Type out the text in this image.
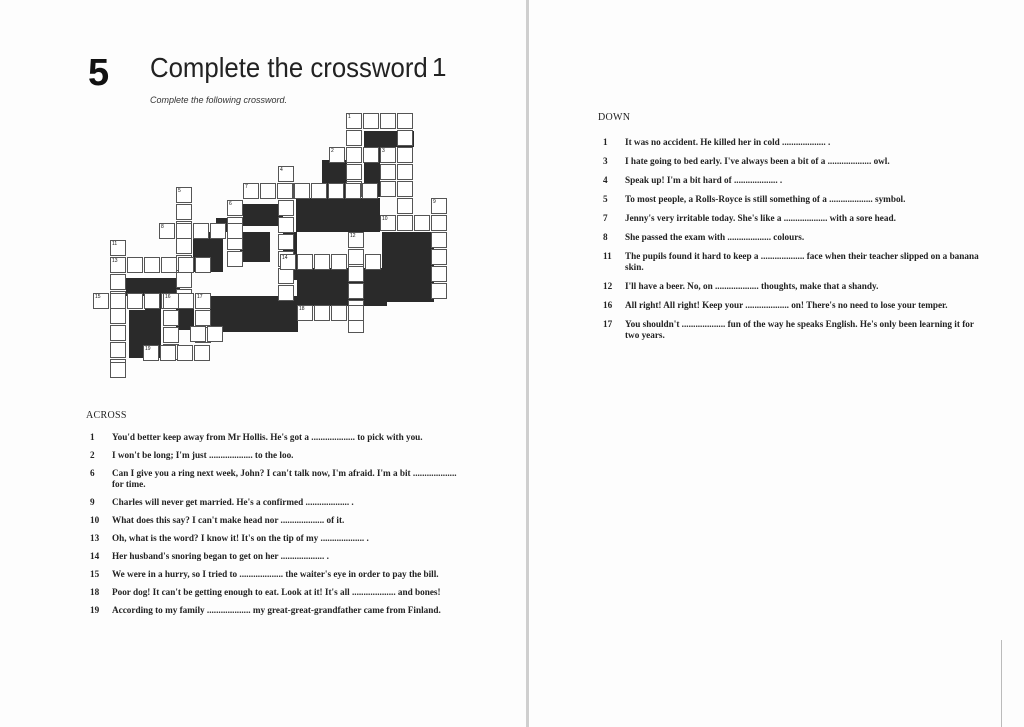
5 Complete the crossword 1
Complete the following crossword.
1
2	3
4
5
6
7
8
9
10
11
12
13	14
15	16	17
18
19
ACROSS
1	You'd better keep away from Mr Hollis. He's got a ................... to pick with you.
2	I won't be long; I'm just ................... to the loo.
6	Can I give you a ring next week, John? I can't talk now, I'm afraid. I'm a bit ................... for time.
9	Charles will never get married. He's a confirmed ................... .
10	What does this say? I can't make head nor ................... of it.
13	Oh, what is the word? I know it! It's on the tip of my ................... .
14	Her husband's snoring began to get on her ................... .
15	We were in a hurry, so I tried to ................... the waiter's eye in order to pay the bill.
18	Poor dog! It can't be getting enough to eat. Look at it! It's all ................... and bones!
19	According to my family ................... my great-great-grandfather came from Finland.
DOWN
1	It was no accident. He killed her in cold ................... .
3	I hate going to bed early. I've always been a bit of a ................... owl.
4	Speak up! I'm a bit hard of ................... .
5	To most people, a Rolls-Royce is still something of a ................... symbol.
7	Jenny's very irritable today. She's like a ................... with a sore head.
8	She passed the exam with ................... colours.
11	The pupils found it hard to keep a ................... face when their teacher slipped on a banana skin.
12	I'll have a beer. No, on ................... thoughts, make that a shandy.
16	All right! All right! Keep your ................... on! There's no need to lose your temper.
17	You shouldn't ................... fun of the way he speaks English. He's only been learning it for two years.
